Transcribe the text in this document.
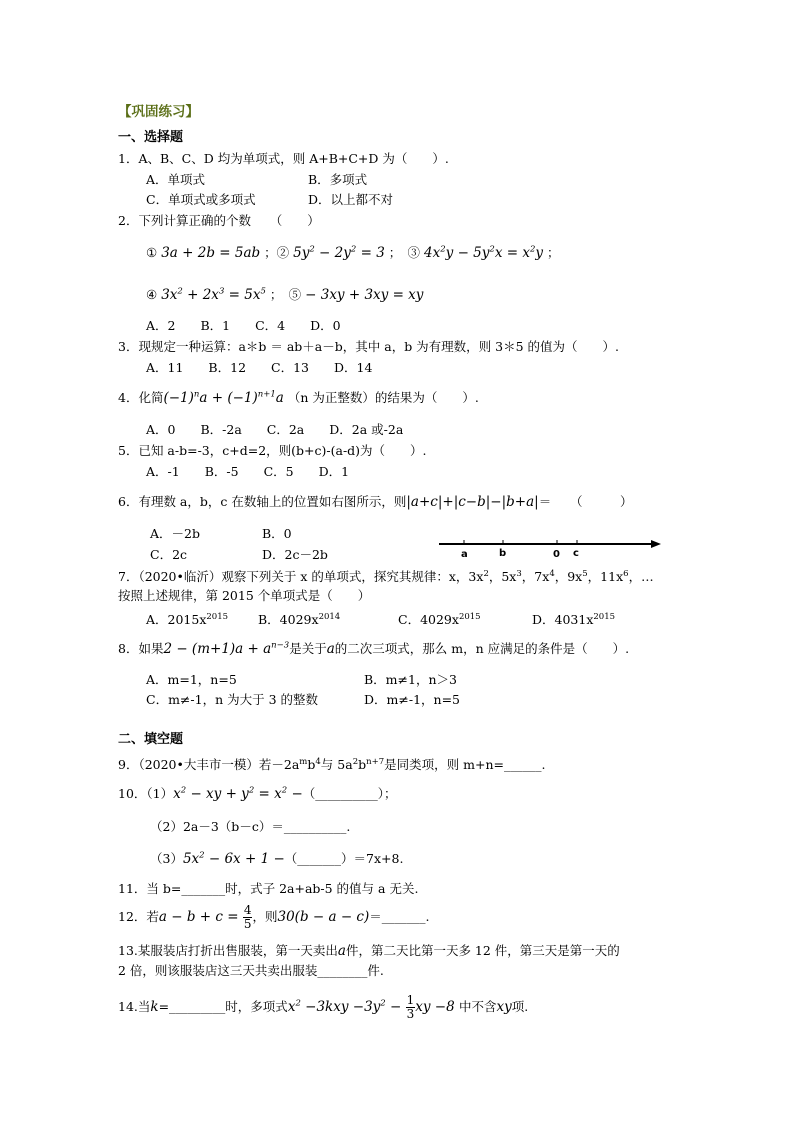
【巩固练习】
一、选择题
1．A、B、C、D 均为单项式，则 A+B+C+D 为（　　）.
A．单项式	B．多项式
C．单项式或多项式	D．以上都不对
2．下列计算正确的个数　　（　　）
① 3a + 2b = 5ab ；② $5y^2 - 2y^2 = 3$ ；　③ $4x^2y - 5y^2x = x^2y$ ；
④ $3x^2 + 2x^3 = 5x^5$ ；　⑤ − 3xy + 3xy = xy
A．2　　B．1　　C．4　　D．0
3．现规定一种运算：a＊b ＝ ab＋a－b，其中 a，b 为有理数，则 3＊5 的值为（　　）.
A．11　　B．12　　C．13　　D．14
4．化简$(-1)^na + (-1)^{n+1}a$ （n 为正整数）的结果为（　　）.
A．0　　B．-2a　　C．2a　　D．2a 或-2a
5．已知 a-b=-3，c+d=2，则(b+c)-(a-d)为（　　）.
A．-1　　B．-5　　C．5　　D．1
6．有理数 a，b，c 在数轴上的位置如右图所示，则|a+c|+|c−b|−|b+a|＝　　（　　　）
A．－2b	B．0
C．2c	D．2c－2b	a	b	0 c
7．（2020•临沂）观察下列关于 x 的单项式，探究其规律：x，$3x^2$，$5x^3$，$7x^4$，$9x^5$，$11x^6$，…
按照上述规律，第 2015 个单项式是（　　）
A．$2015x^{2015}$ B．$4029x^{2014}$	C．$4029x^{2015}$	D．$4031x^{2015}$
8．如果$2 - (m+1)a + a^{n-3}$是关于a的二次三项式，那么 m，n 应满足的条件是（　　）.
A．m=1，n=5	B．m≠1，n＞3
C．m≠-1，n 为大于 3 的整数	D．m≠-1，n=5
二、填空题
9．（2020•大丰市一模）若$-2a^mb^4$与 $5a^2b^{n+7}$是同类项，则 m+n=______.
10．$(1)x^2$ − xy + $y^2 = x^2$ −（__________）；
（2）2a－3（b－c）＝__________.
$(3)5x^2 - 6x + 1$ −（_______）＝7x+8.
11．当 b=_______时，式子 2a+ab-5 的值与 a 无关.
12．若$a - b + c = \frac{4}{5}$ ，则30(b − a − c)＝_______.
13.某服装店打折出售服装，第一天卖出a件，第二天比第一天多 12 件，第三天是第一天的
2 倍，则该服装店这三天共卖出服装________件.
14.当k=_________时，多项式$x^2 -3kxy -3y^2 - \frac{1}{3}$ xy −8 中不含xy项.
